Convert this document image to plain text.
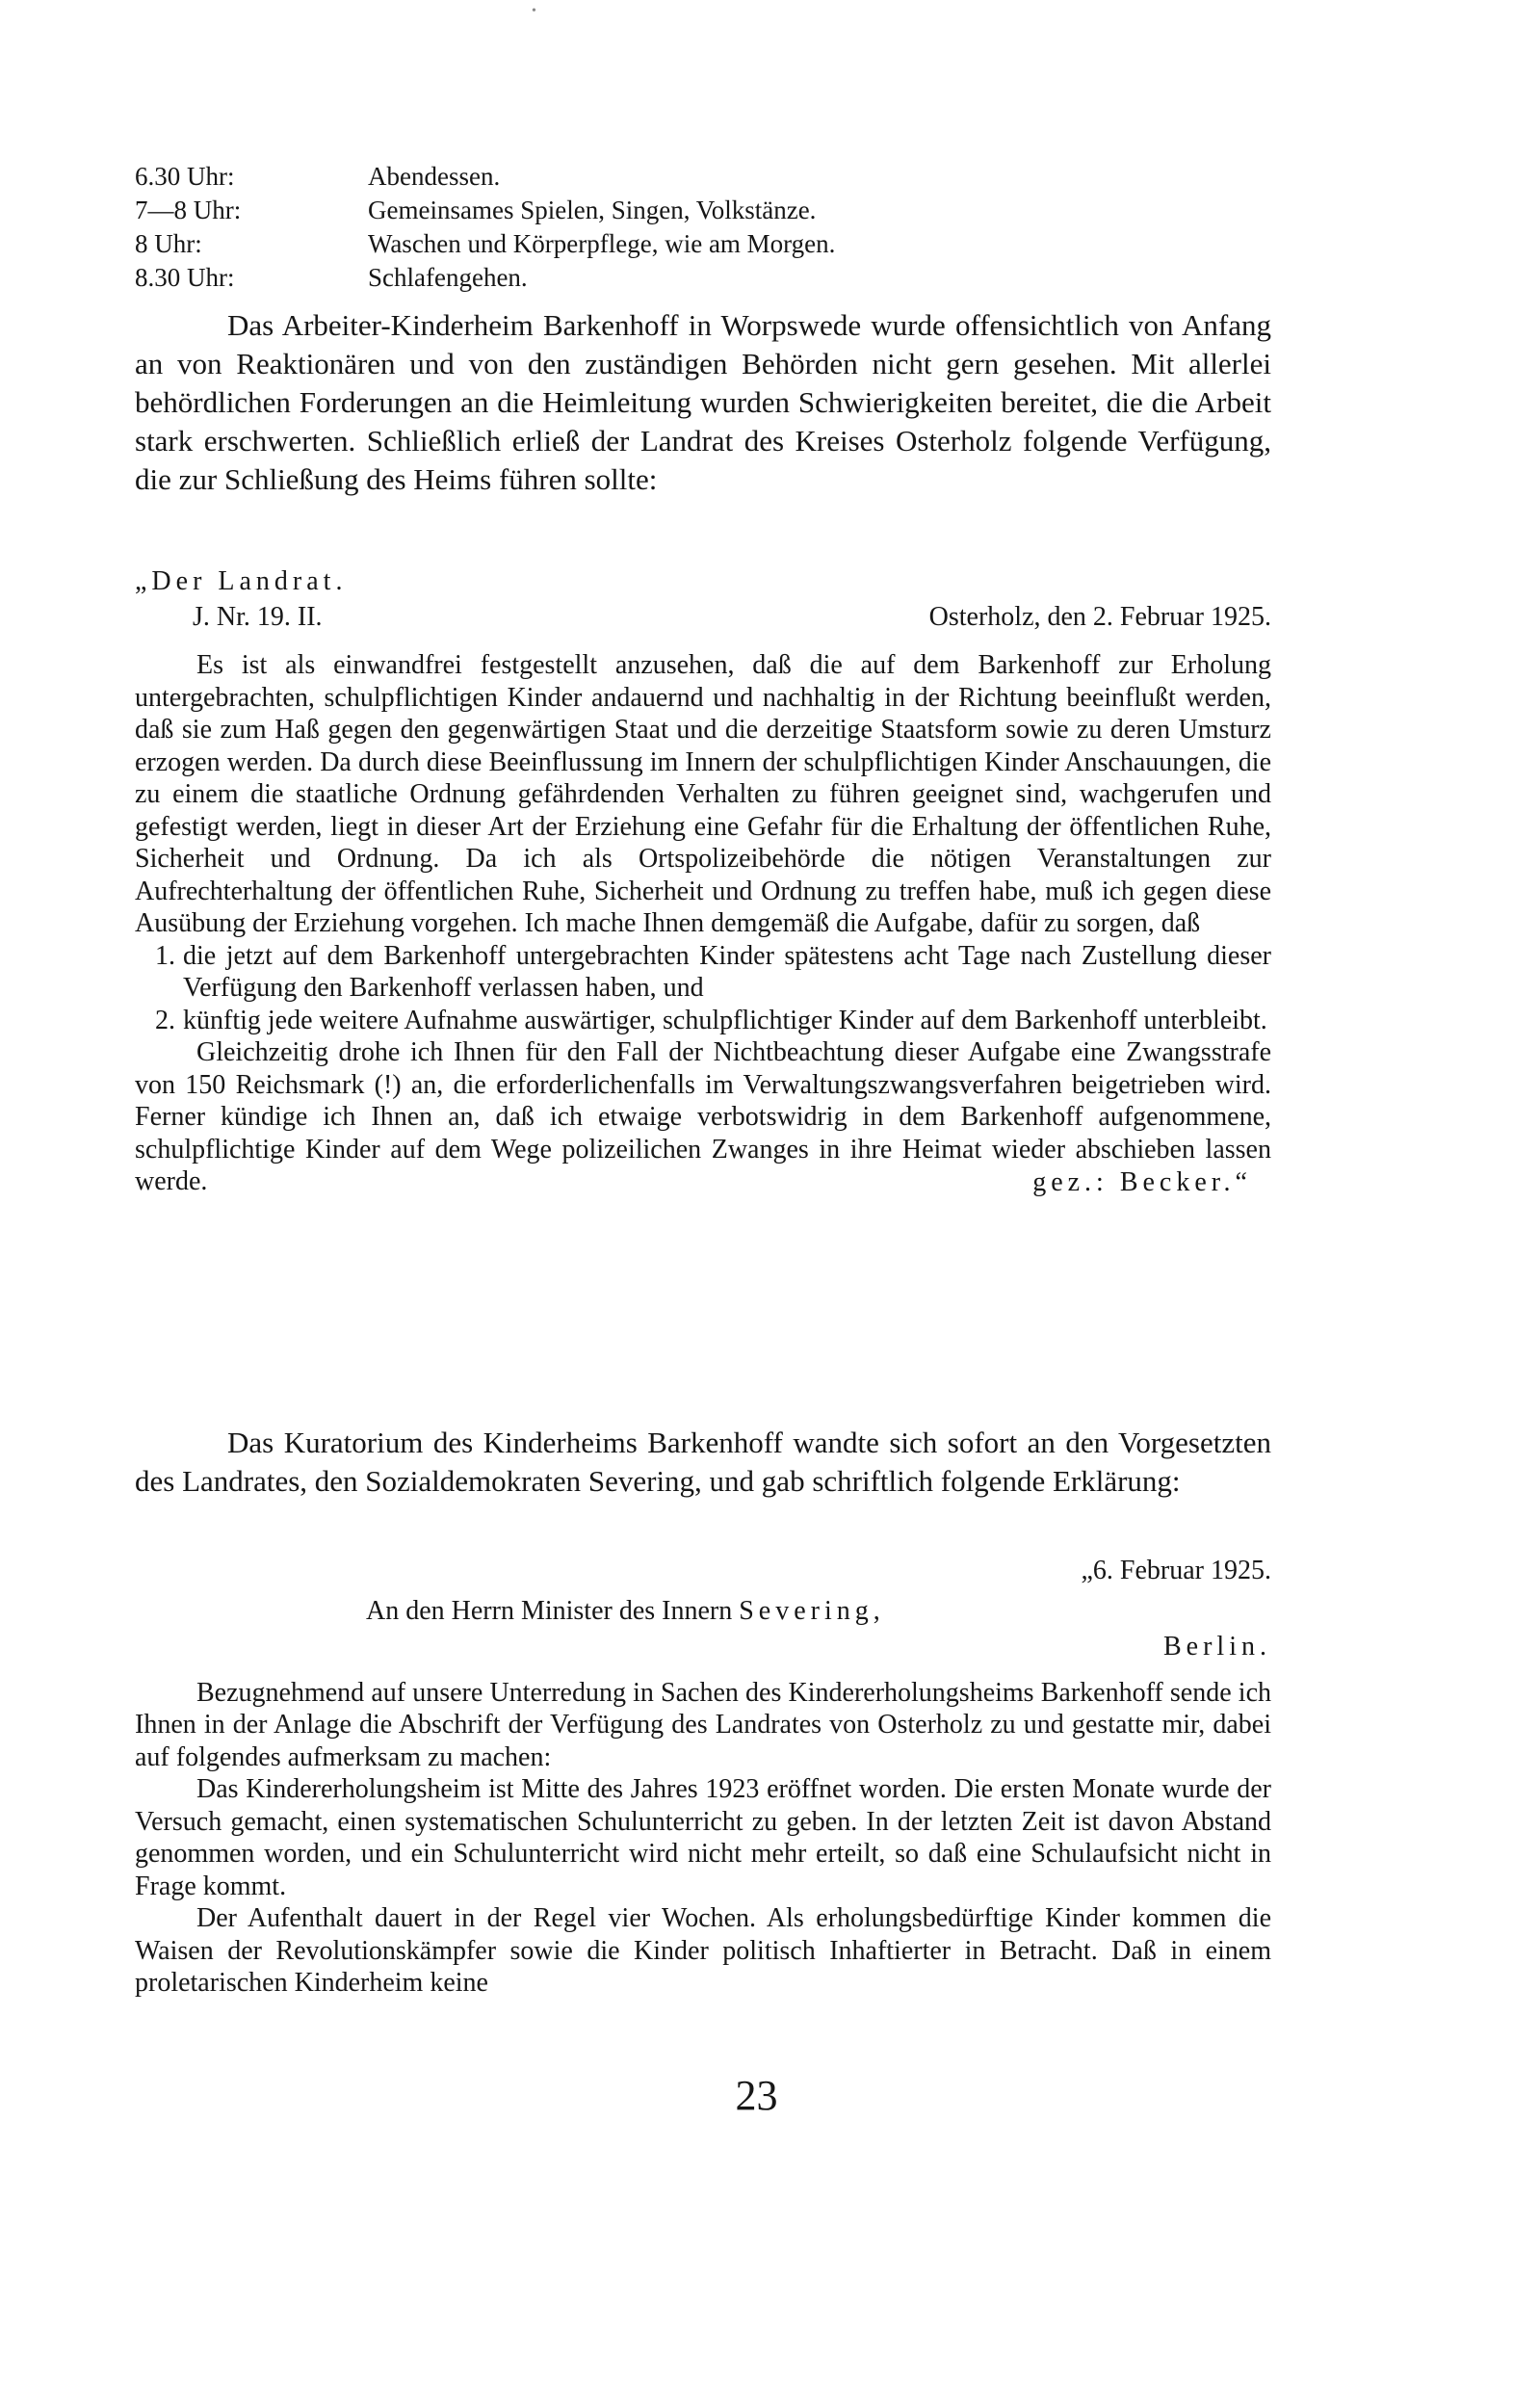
•
6.30 Uhr:	Abendessen.
7—8 Uhr:	Gemeinsames Spielen, Singen, Volkstänze.
8 Uhr:	Waschen und Körperpflege, wie am Morgen.
8.30 Uhr:	Schlafengehen.

Das Arbeiter-Kinderheim Barkenhoff in Worpswede wurde offensichtlich von Anfang an von Reaktionären und von den zuständigen Behörden nicht gern gesehen. Mit allerlei behördlichen Forderungen an die Heimleitung wurden Schwierigkeiten bereitet, die die Arbeit stark erschwerten. Schließlich erließ der Landrat des Kreises Osterholz folgende Verfügung, die zur Schließung des Heims führen sollte:

„Der Landrat.
J. Nr. 19. II.	Osterholz, den 2. Februar 1925.

Es ist als einwandfrei festgestellt anzusehen, daß die auf dem Barkenhoff zur Erholung untergebrachten, schulpflichtigen Kinder andauernd und nachhaltig in der Richtung beeinflußt werden, daß sie zum Haß gegen den gegenwärtigen Staat und die derzeitige Staatsform sowie zu deren Umsturz erzogen werden. Da durch diese Beeinflussung im Innern der schulpflichtigen Kinder Anschauungen, die zu einem die staatliche Ordnung gefährdenden Verhalten zu führen geeignet sind, wachgerufen und gefestigt werden, liegt in dieser Art der Erziehung eine Gefahr für die Erhaltung der öffentlichen Ruhe, Sicherheit und Ordnung. Da ich als Ortspolizeibehörde die nötigen Veranstaltungen zur Aufrechterhaltung der öffentlichen Ruhe, Sicherheit und Ordnung zu treffen habe, muß ich gegen diese Ausübung der Erziehung vorgehen. Ich mache Ihnen demgemäß die Aufgabe, dafür zu sorgen, daß

1. die jetzt auf dem Barkenhoff untergebrachten Kinder spätestens acht Tage nach Zustellung dieser Verfügung den Barkenhoff verlassen haben, und
2. künftig jede weitere Aufnahme auswärtiger, schulpflichtiger Kinder auf dem Barkenhoff unterbleibt.

Gleichzeitig drohe ich Ihnen für den Fall der Nichtbeachtung dieser Aufgabe eine Zwangsstrafe von 150 Reichsmark (!) an, die erforderlichenfalls im Verwaltungszwangsverfahren beigetrieben wird. Ferner kündige ich Ihnen an, daß ich etwaige verbotswidrig in dem Barkenhoff aufgenommene, schulpflichtige Kinder auf dem Wege polizeilichen Zwanges in ihre Heimat wieder abschieben lassen werde.	gez.: Becker.“

Das Kuratorium des Kinderheims Barkenhoff wandte sich sofort an den Vorgesetzten des Landrates, den Sozialdemokraten Severing, und gab schriftlich folgende Erklärung:

„6. Februar 1925.
An den Herrn Minister des Innern Severing,
Berlin.

Bezugnehmend auf unsere Unterredung in Sachen des Kindererholungsheims Barkenhoff sende ich Ihnen in der Anlage die Abschrift der Verfügung des Landrates von Osterholz zu und gestatte mir, dabei auf folgendes aufmerksam zu machen:

Das Kindererholungsheim ist Mitte des Jahres 1923 eröffnet worden. Die ersten Monate wurde der Versuch gemacht, einen systematischen Schulunterricht zu geben. In der letzten Zeit ist davon Abstand genommen worden, und ein Schulunterricht wird nicht mehr erteilt, so daß eine Schulaufsicht nicht in Frage kommt.

Der Aufenthalt dauert in der Regel vier Wochen. Als erholungsbedürftige Kinder kommen die Waisen der Revolutionskämpfer sowie die Kinder politisch Inhaftierter in Betracht. Daß in einem proletarischen Kinderheim keine

23
